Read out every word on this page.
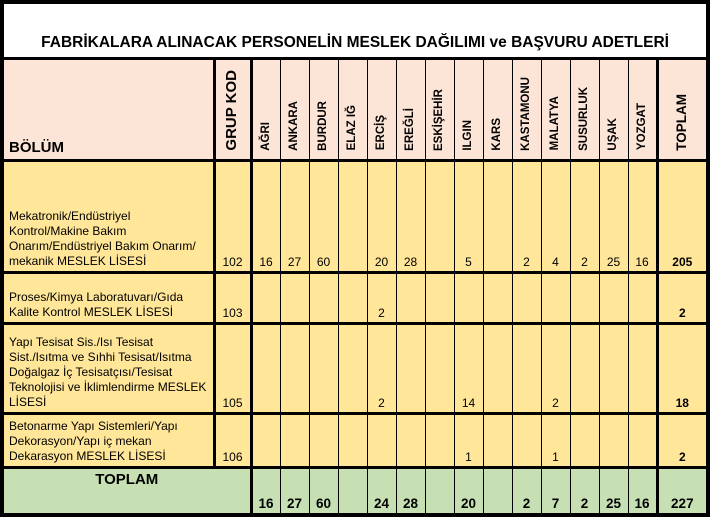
FABRİKALARA ALINACAK PERSONELİN MESLEK DAĞILIMI ve BAŞVURU ADETLERİ																
BÖLÜM	GRUP KOD	AĞRI	ANKARA	BURDUR	ELAZ IĞ	ERCİŞ	EREĞLİ	ESKİŞEHİR	ILGIN	KARS	KASTAMONU	MALATYA	SUSURLUK	UŞAK	YOZGAT	TOPLAM
Mekatronik/Endüstriyel Kontrol/Makine Bakım Onarım/Endüstriyel Bakım Onarım/ mekanik MESLEK LİSESİ	102	16	27	60		20	28		5		2	4	2	25	16	205
Proses/Kimya Laboratuvarı/Gıda Kalite Kontrol MESLEK LİSESİ	103					2										2
Yapı Tesisat Sis./Isı Tesisat Sist./Isıtma ve Sıhhi Tesisat/Isıtma Doğalgaz İç Tesisatçısı/Tesisat Teknolojisi ve İklimlendirme MESLEK LİSESİ	105					2			14			2				18
Betonarme Yapı Sistemleri/Yapı Dekorasyon/Yapı iç mekan Dekarasyon MESLEK LİSESİ	106								1			1				2
TOPLAM		16	27	60		24	28		20		2	7	2	25	16	227
